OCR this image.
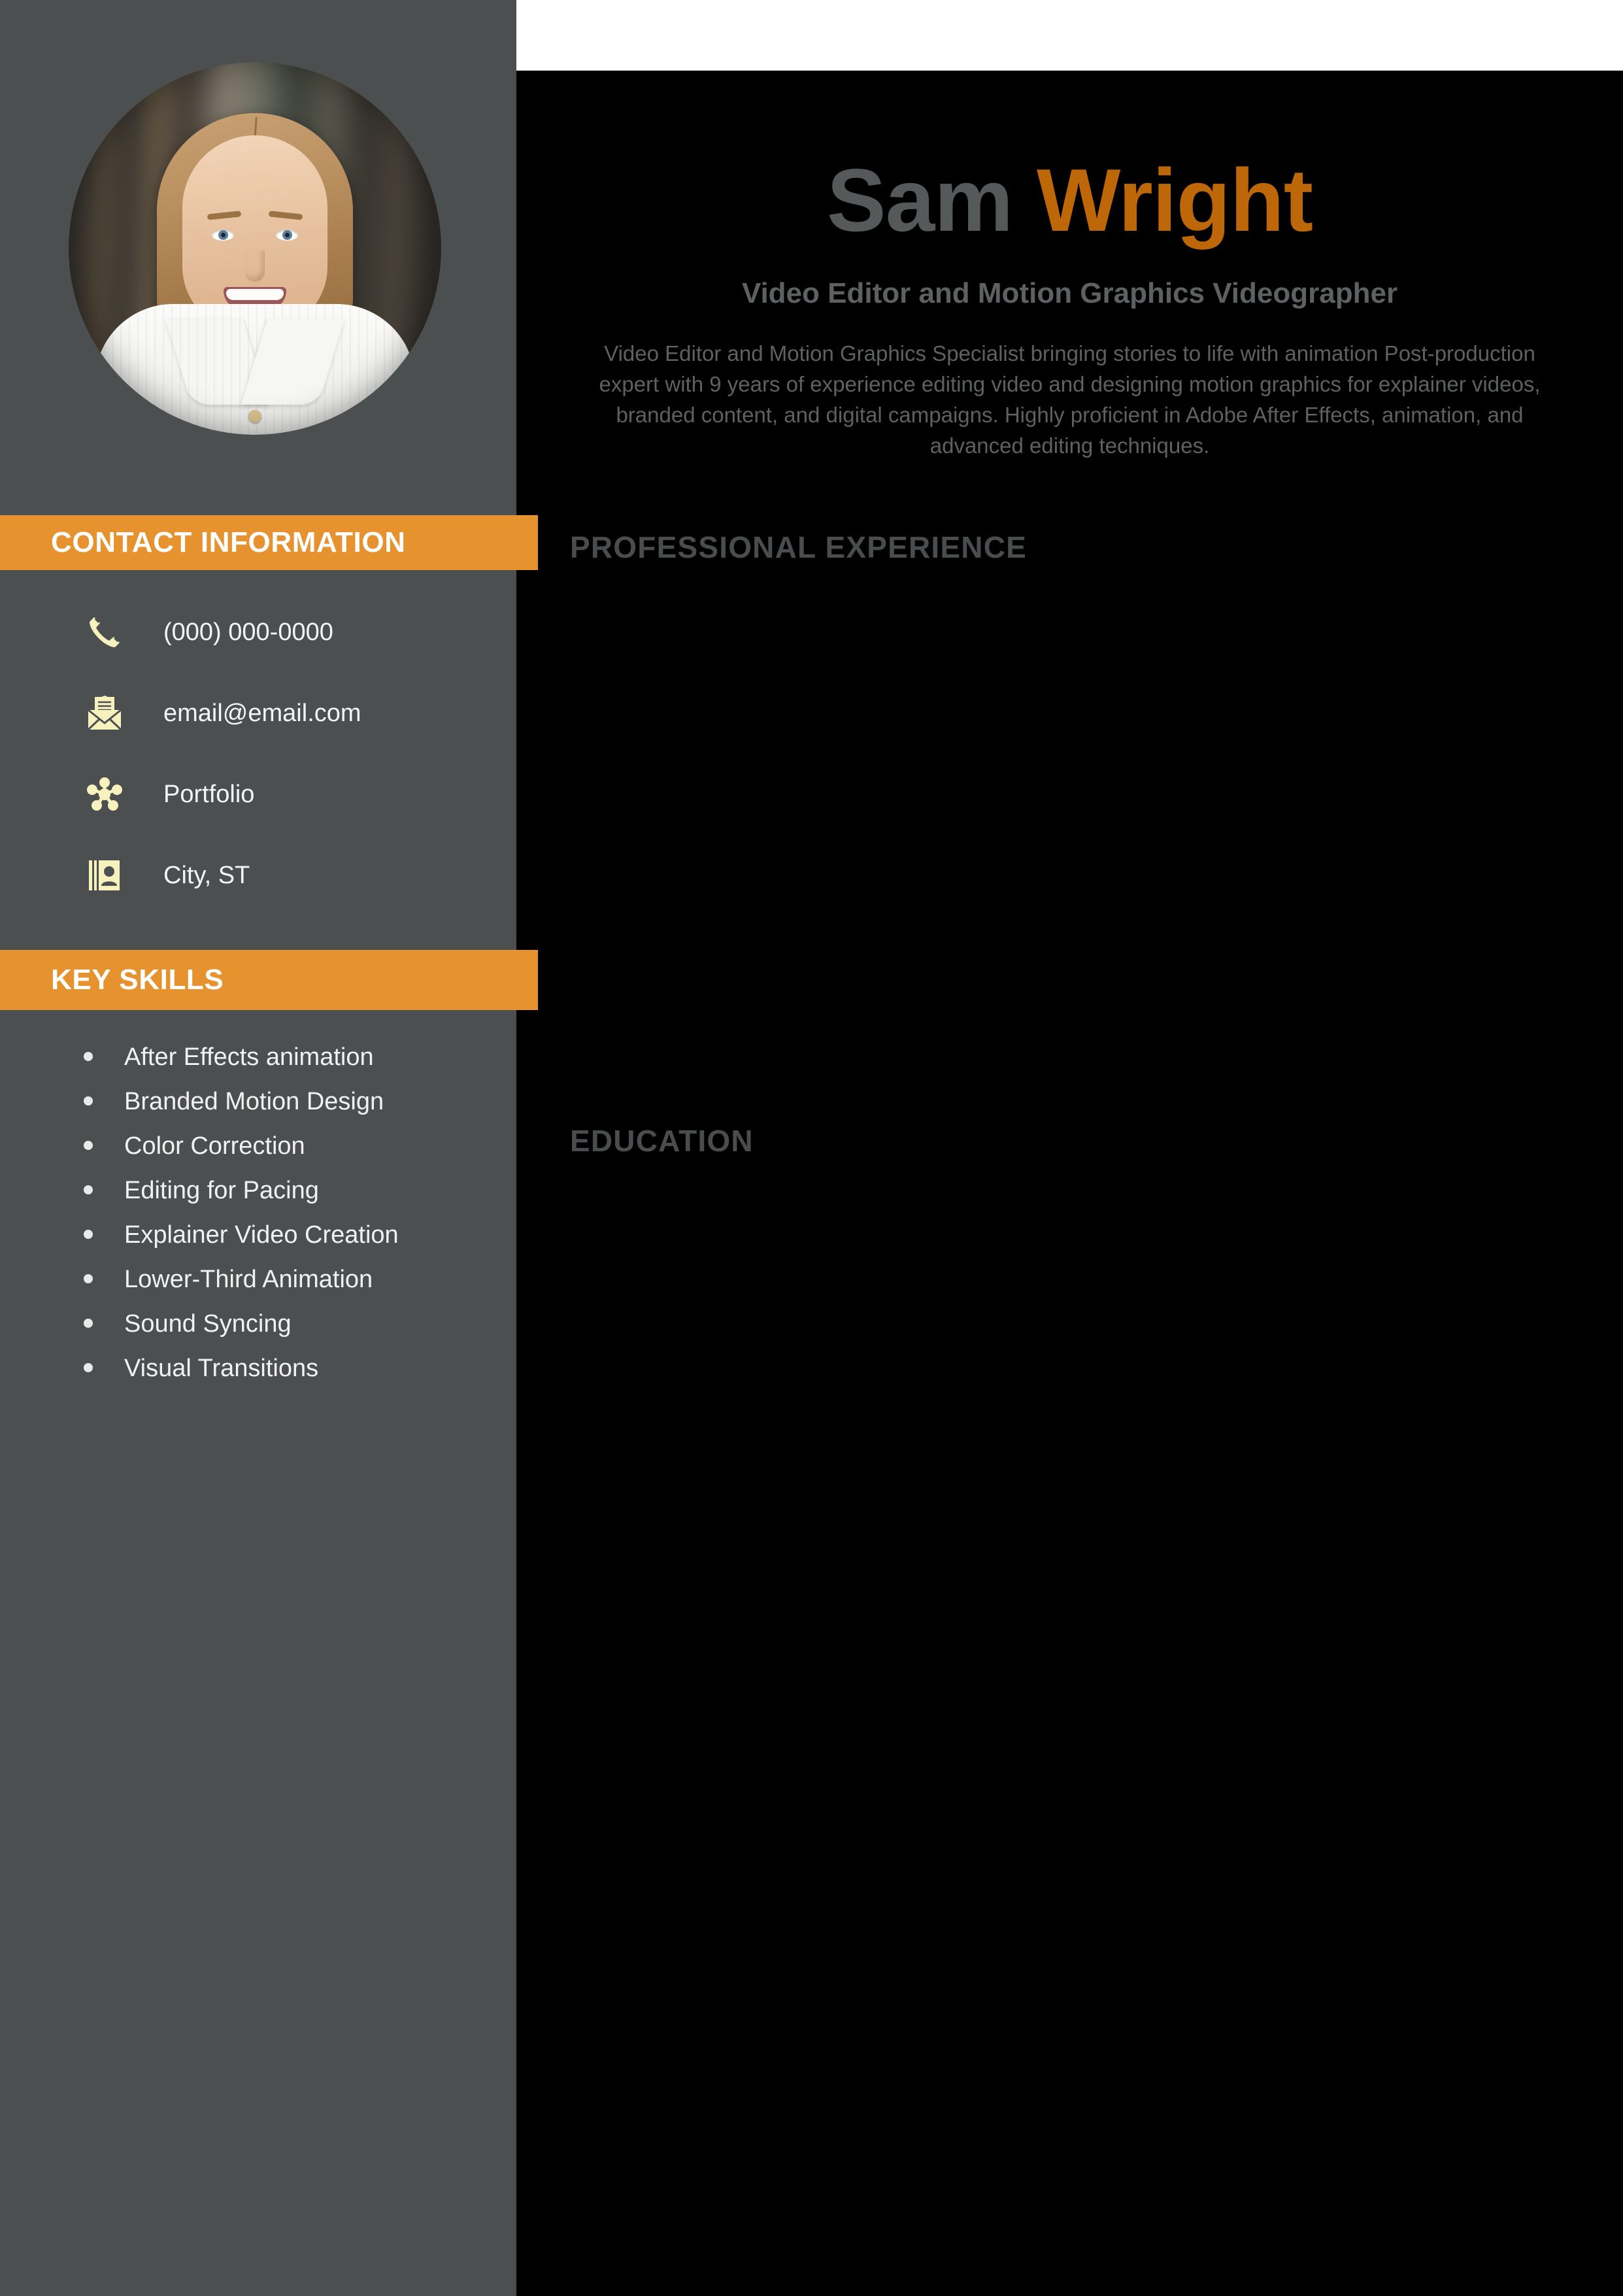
CONTACT INFORMATION
(000) 000-0000
email@email.com
Portfolio
City, ST
KEY SKILLS
After Effects animation
Branded Motion Design
Color Correction
Editing for Pacing
Explainer Video Creation
Lower-Third Animation
Sound Syncing
Visual Transitions
Sam Wright
Video Editor and Motion Graphics Videographer

Video Editor and Motion Graphics Specialist bringing stories to life with animation Post-production expert with 9 years of experience editing video and designing motion graphics for explainer videos, branded content, and digital campaigns. Highly proficient in Adobe After Effects, animation, and advanced editing techniques.

PROFESSIONAL EXPERIENCE
EDUCATION
